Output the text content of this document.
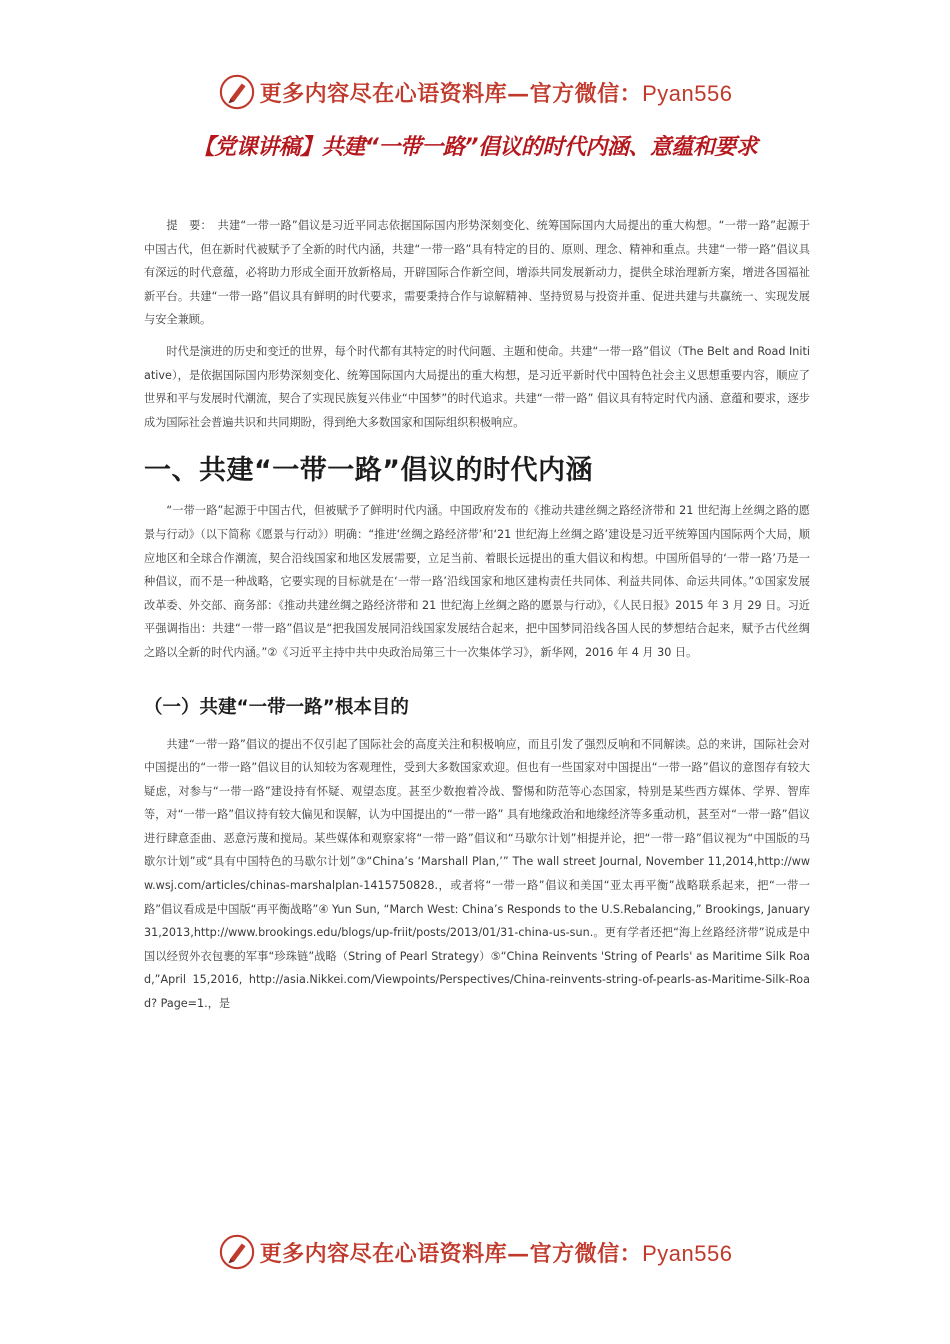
更多内容尽在心语资料库—官方微信：Pyan556
【党课讲稿】共建“一带一路”倡议的时代内涵、意蕴和要求

提　要：　共建“一带一路”倡议是习近平同志依据国际国内形势深刻变化、统筹国际国内大局提出的重大构想。“一带一路”起源于中国古代，但在新时代被赋予了全新的时代内涵，共建“一带一路”具有特定的目的、原则、理念、精神和重点。共建“一带一路”倡议具有深远的时代意蕴，必将助力形成全面开放新格局，开辟国际合作新空间，增添共同发展新动力，提供全球治理新方案，增进各国福祉新平台。共建“一带一路”倡议具有鲜明的时代要求，需要秉持合作与谅解精神、坚持贸易与投资并重、促进共建与共赢统一、实现发展与安全兼顾。

时代是演进的历史和变迁的世界，每个时代都有其特定的时代问题、主题和使命。共建“一带一路”倡议（The Belt and Road Initiative），是依据国际国内形势深刻变化、统筹国际国内大局提出的重大构想，是习近平新时代中国特色社会主义思想重要内容，顺应了世界和平与发展时代潮流，契合了实现民族复兴伟业“中国梦”的时代追求。共建“一带一路” 倡议具有特定时代内涵、意蕴和要求，逐步成为国际社会普遍共识和共同期盼，得到绝大多数国家和国际组织积极响应。

一、共建“一带一路”倡议的时代内涵

“一带一路”起源于中国古代，但被赋予了鲜明时代内涵。中国政府发布的《推动共建丝绸之路经济带和 21 世纪海上丝绸之路的愿景与行动》（以下简称《愿景与行动》）明确：“推进‘丝绸之路经济带’和‘21 世纪海上丝绸之路’建设是习近平统筹国内国际两个大局，顺应地区和全球合作潮流，契合沿线国家和地区发展需要，立足当前、着眼长远提出的重大倡议和构想。中国所倡导的‘一带一路’乃是一种倡议，而不是一种战略，它要实现的目标就是在‘一带一路’沿线国家和地区建构责任共同体、利益共同体、命运共同体。”①国家发展改革委、外交部、商务部：《推动共建丝绸之路经济带和 21 世纪海上丝绸之路的愿景与行动》，《人民日报》2015 年 3 月 29 日。习近平强调指出：共建“一带一路”倡议是“把我国发展同沿线国家发展结合起来，把中国梦同沿线各国人民的梦想结合起来，赋予古代丝绸之路以全新的时代内涵。”②《习近平主持中共中央政治局第三十一次集体学习》，新华网，2016 年 4 月 30 日。

（一）共建“一带一路”根本目的

共建“一带一路”倡议的提出不仅引起了国际社会的高度关注和积极响应，而且引发了强烈反响和不同解读。总的来讲，国际社会对中国提出的“一带一路”倡议目的认知较为客观理性，受到大多数国家欢迎。但也有一些国家对中国提出“一带一路”倡议的意图存有较大疑虑，对参与“一带一路”建设持有怀疑、观望态度。甚至少数抱着冷战、警惕和防范等心态国家，特别是某些西方媒体、学界、智库等，对“一带一路”倡议持有较大偏见和误解，认为中国提出的“一带一路” 具有地缘政治和地缘经济等多重动机，甚至对“一带一路”倡议进行肆意歪曲、恶意污蔑和搅局。某些媒体和观察家将“一带一路”倡议和“马歇尔计划”相提并论，把“一带一路”倡议视为“中国版的马歇尔计划”或“具有中国特色的马歇尔计划”③“China’s ‘Marshall Plan,’” The wall street Journal, November 11,2014,http://www.wsj.com/articles/chinas-marshalplan-1415750828.，或者将“一带一路”倡议和美国“亚太再平衡”战略联系起来，把“一带一路”倡议看成是中国版“再平衡战略”④ Yun Sun, “March West: China’s Responds to the U.S.Rebalancing,” Brookings, January 31,2013,http://www.brookings.edu/blogs/up-friit/posts/2013/01/31-china-us-sun.。更有学者还把“海上丝路经济带”说成是中国以经贸外衣包裹的军事“珍珠链”战略（String of Pearl Strategy）⑤“China Reinvents 'String of Pearls' as Maritime Silk Road,”April 15,2016, http://asia.Nikkei.com/Viewpoints/Perspectives/China-reinvents-string-of-pearls-as-Maritime-Silk-Road? Page=1.，是

更多内容尽在心语资料库—官方微信：Pyan556
